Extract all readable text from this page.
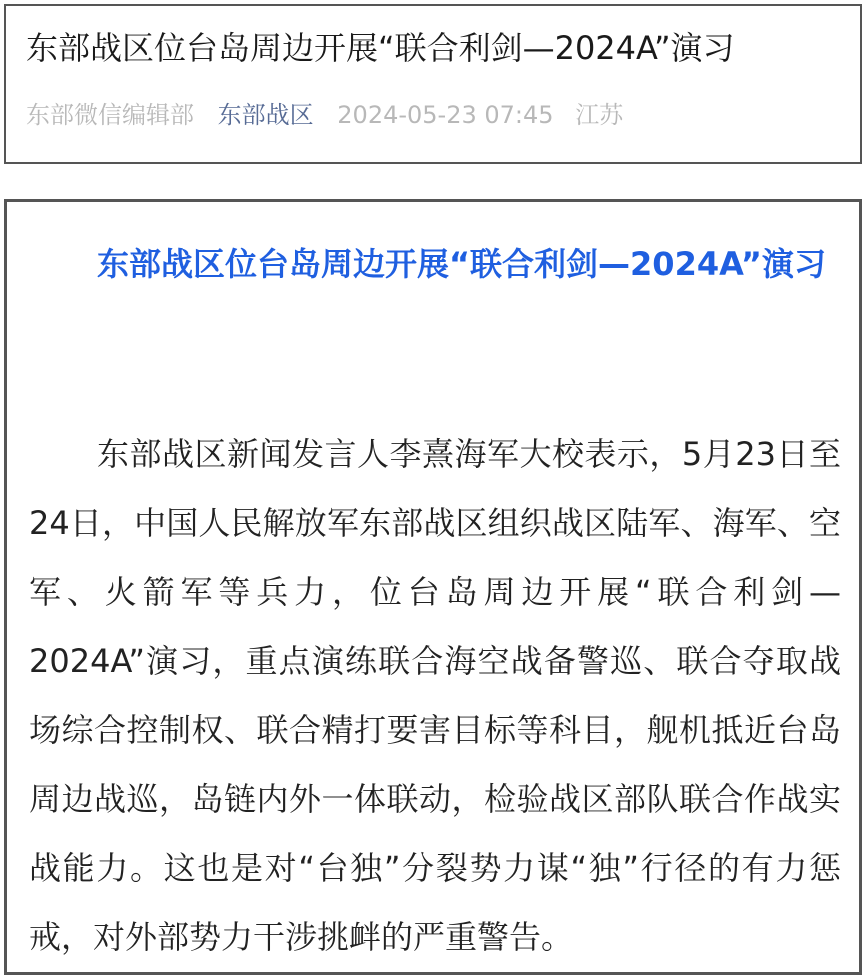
东部战区位台岛周边开展“联合利剑—2024A”演习
东部微信编辑部 东部战区 2024-05-23 07:45 江苏
东部战区位台岛周边开展“联合利剑—2024A”演习
东部战区新闻发言人李熹海军大校表示，5月23日至24日，中国人民解放军东部战区组织战区陆军、海军、空军、火箭军等兵力，位台岛周边开展“联合利剑—2024A”演习，重点演练联合海空战备警巡、联合夺取战场综合控制权、联合精打要害目标等科目，舰机抵近台岛周边战巡，岛链内外一体联动，检验战区部队联合作战实战能力。这也是对“台独”分裂势力谋“独”行径的有力惩戒，对外部势力干涉挑衅的严重警告。
